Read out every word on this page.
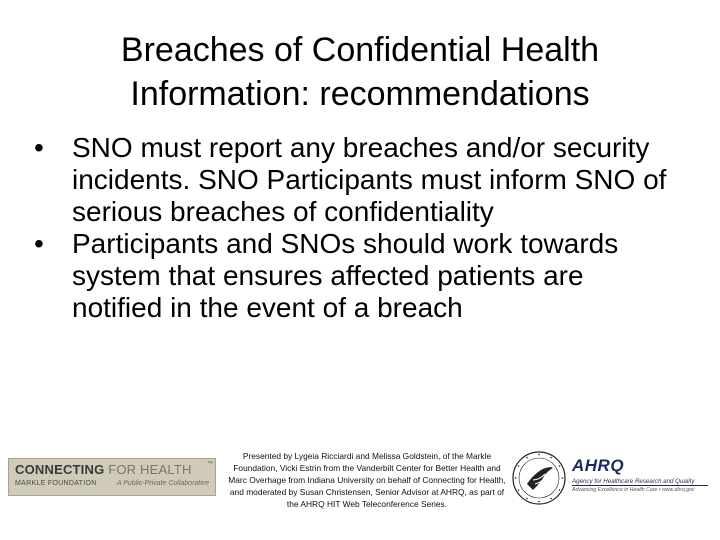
Breaches of Confidential Health
Information: recommendations
• SNO must report any breaches and/or security incidents. SNO Participants must inform SNO of serious breaches of confidentiality
• Participants and SNOs should work towards system that ensures affected patients are notified in the event of a breach
CONNECTING FOR HEALTH	™
MARKLE FOUNDATION	A Public-Private Collaborative
Presented by Lygeia Ricciardi and Melissa Goldstein, of the Markle Foundation, Vicki Estrin from the Vanderbilt Center for Better Health and Marc Overhage from Indiana University on behalf of Connecting for Health, and moderated by Susan Christensen, Senior Advisor at AHRQ, as part of the AHRQ HIT Web Teleconference Series.
AHRQ
Agency for Healthcare Research and Quality
Advancing Excellence in Health Care • www.ahrq.gov
